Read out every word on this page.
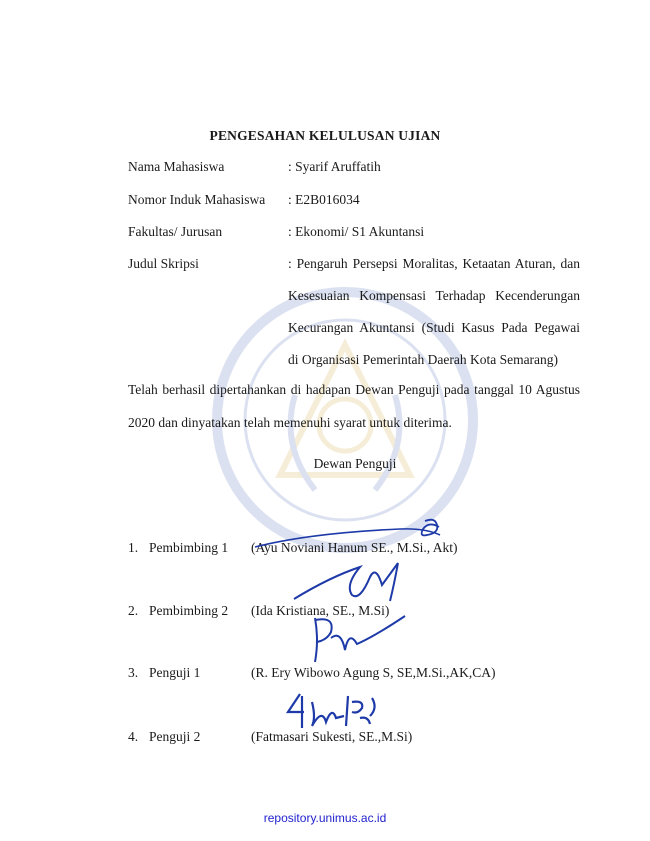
PENGESAHAN KELULUSAN UJIAN
Nama Mahasiswa	: Syarif Aruffatih
Nomor Induk Mahasiswa : E2B016034
Fakultas/ Jurusan	: Ekonomi/ S1 Akuntansi
Judul Skripsi	: Pengaruh Persepsi Moralitas, Ketaatan Aturan, dan
Kesesuaian Kompensasi Terhadap Kecenderungan
Kecurangan Akuntansi (Studi Kasus Pada Pegawai
di Organisasi Pemerintah Daerah Kota Semarang)
Telah berhasil dipertahankan di hadapan Dewan Penguji pada tanggal 10 Agustus
2020 dan dinyatakan telah memenuhi syarat untuk diterima.
Dewan Penguji
1. Pembimbing 1 (Ayu Noviani Hanum SE., M.Si., Akt)
2. Pembimbing 2 (Ida Kristiana, SE., M.Si)
3. Penguji 1	(R. Ery Wibowo Agung S, SE,M.Si.,AK,CA)
4. Penguji 2	(Fatmasari Sukesti, SE.,M.Si)
repository.unimus.ac.id
